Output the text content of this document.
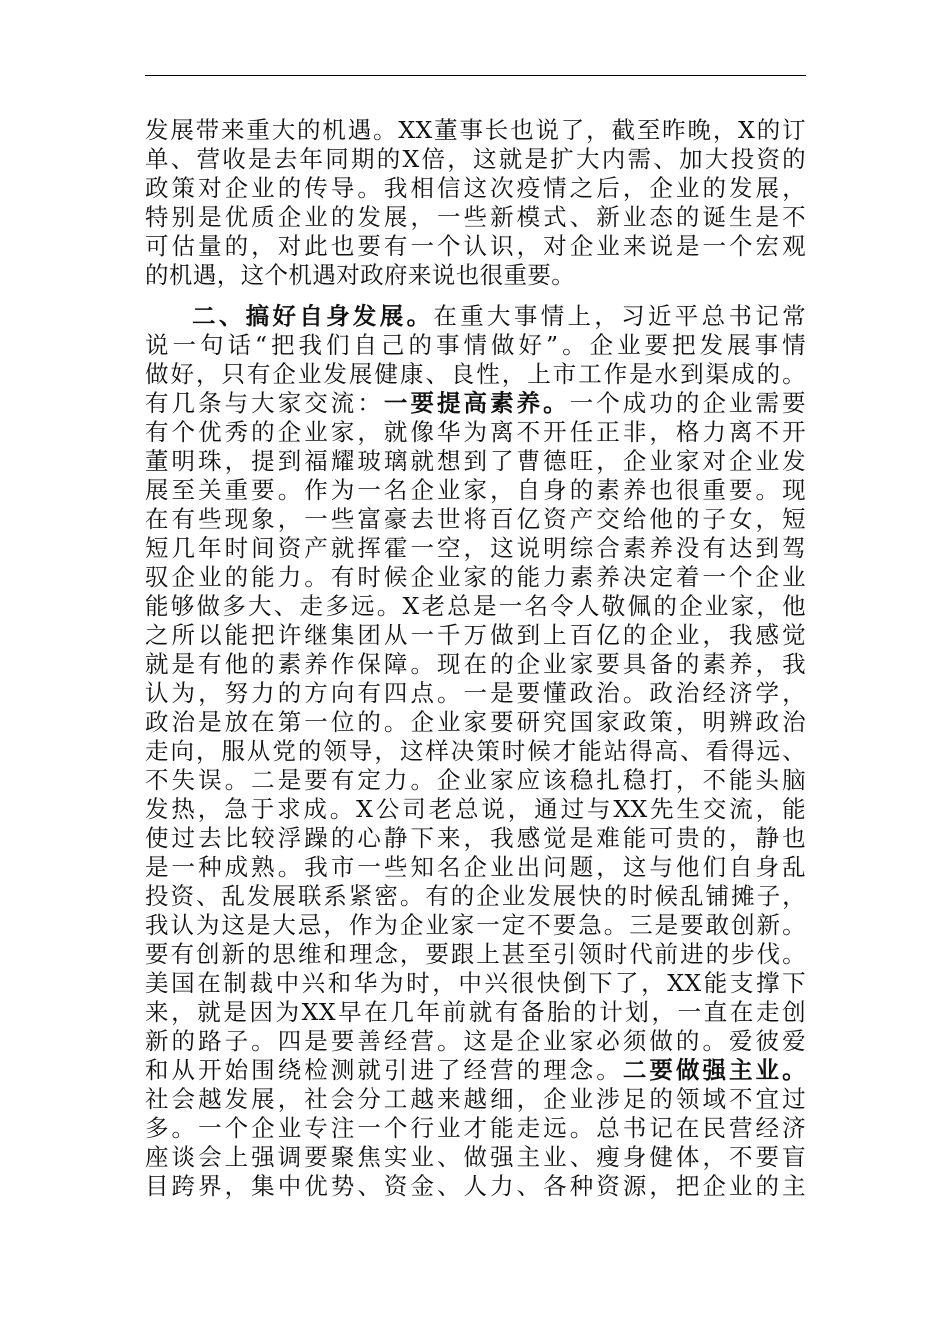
发展带来重大的机遇。XX董事长也说了，截至昨晚，X的订
单、营收是去年同期的X倍，这就是扩大内需、加大投资的
政策对企业的传导。我相信这次疫情之后，企业的发展，
特别是优质企业的发展，一些新模式、新业态的诞生是不
可估量的，对此也要有一个认识，对企业来说是一个宏观
的机遇，这个机遇对政府来说也很重要。
二、搞好自身发展。在重大事情上，习近平总书记常
说一句话“把我们自己的事情做好”。企业要把发展事情
做好，只有企业发展健康、良性，上市工作是水到渠成的。
有几条与大家交流：一要提高素养。一个成功的企业需要
有个优秀的企业家，就像华为离不开任正非，格力离不开
董明珠，提到福耀玻璃就想到了曹德旺，企业家对企业发
展至关重要。作为一名企业家，自身的素养也很重要。现
在有些现象，一些富豪去世将百亿资产交给他的子女，短
短几年时间资产就挥霍一空，这说明综合素养没有达到驾
驭企业的能力。有时候企业家的能力素养决定着一个企业
能够做多大、走多远。X老总是一名令人敬佩的企业家，他
之所以能把许继集团从一千万做到上百亿的企业，我感觉
就是有他的素养作保障。现在的企业家要具备的素养，我
认为，努力的方向有四点。一是要懂政治。政治经济学，
政治是放在第一位的。企业家要研究国家政策，明辨政治
走向，服从党的领导，这样决策时候才能站得高、看得远、
不失误。二是要有定力。企业家应该稳扎稳打，不能头脑
发热，急于求成。X公司老总说，通过与XX先生交流，能
使过去比较浮躁的心静下来，我感觉是难能可贵的，静也
是一种成熟。我市一些知名企业出问题，这与他们自身乱
投资、乱发展联系紧密。有的企业发展快的时候乱铺摊子，
我认为这是大忌，作为企业家一定不要急。三是要敢创新。
要有创新的思维和理念，要跟上甚至引领时代前进的步伐。
美国在制裁中兴和华为时，中兴很快倒下了，XX能支撑下
来，就是因为XX早在几年前就有备胎的计划，一直在走创
新的路子。四是要善经营。这是企业家必须做的。爱彼爱
和从开始围绕检测就引进了经营的理念。二要做强主业。
社会越发展，社会分工越来越细，企业涉足的领域不宜过
多。一个企业专注一个行业才能走远。总书记在民营经济
座谈会上强调要聚焦实业、做强主业、瘦身健体，不要盲
目跨界，集中优势、资金、人力、各种资源，把企业的主
